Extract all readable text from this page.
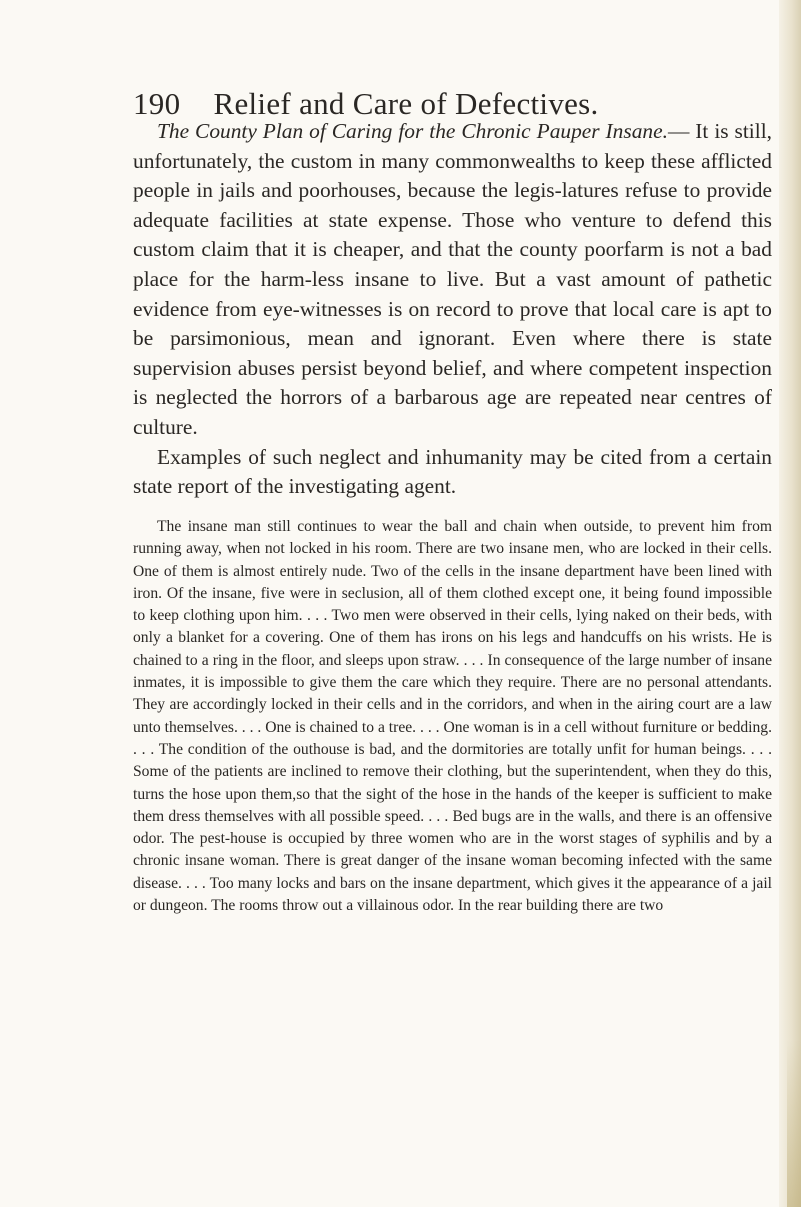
190 Relief and Care of Defectives.

The County Plan of Caring for the Chronic Pauper Insane.— It is still, unfortunately, the custom in many commonwealths to keep these afflicted people in jails and poorhouses, because the legis-latures refuse to provide adequate facilities at state expense. Those who venture to defend this custom claim that it is cheaper, and that the county poorfarm is not a bad place for the harm-less insane to live. But a vast amount of pathetic evidence from eye-witnesses is on record to prove that local care is apt to be parsimonious, mean and ignorant. Even where there is state supervision abuses persist beyond belief, and where competent inspection is neglected the horrors of a barbarous age are repeated near centres of culture.

Examples of such neglect and inhumanity may be cited from a certain state report of the investigating agent.

The insane man still continues to wear the ball and chain when outside, to prevent him from running away, when not locked in his room. There are two insane men, who are locked in their cells. One of them is almost entirely nude. Two of the cells in the insane department have been lined with iron. Of the insane, five were in seclusion, all of them clothed except one, it being found impossible to keep clothing upon him. . . . Two men were observed in their cells, lying naked on their beds, with only a blanket for a covering. One of them has irons on his legs and handcuffs on his wrists. He is chained to a ring in the floor, and sleeps upon straw. . . . In consequence of the large number of insane inmates, it is impossible to give them the care which they require. There are no personal attendants. They are accordingly locked in their cells and in the corridors, and when in the airing court are a law unto themselves. . . . One is chained to a tree. . . . One woman is in a cell without furniture or bedding. . . . The condition of the outhouse is bad, and the dormitories are totally unfit for human beings. . . . Some of the patients are inclined to remove their clothing, but the superintendent, when they do this, turns the hose upon them,so that the sight of the hose in the hands of the keeper is sufficient to make them dress themselves with all possible speed. . . . Bed bugs are in the walls, and there is an offensive odor. The pest-house is occupied by three women who are in the worst stages of syphilis and by a chronic insane woman. There is great danger of the insane woman becoming infected with the same disease. . . . Too many locks and bars on the insane department, which gives it the appearance of a jail or dungeon. The rooms throw out a villainous odor. In the rear building there are two
